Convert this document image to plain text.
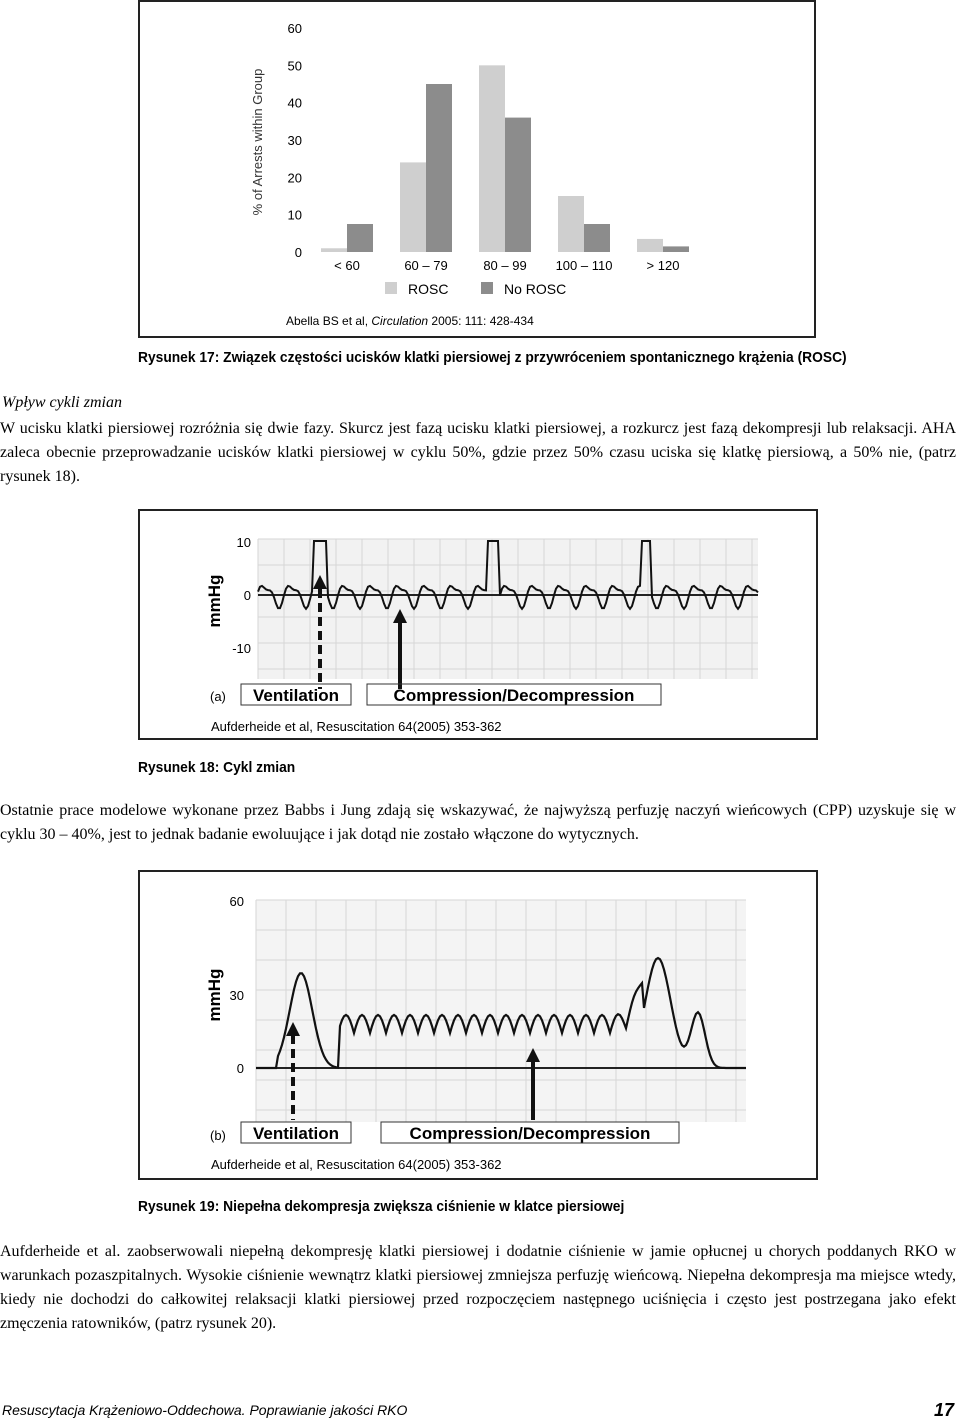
0
10
20
30
40
50
60
< 60	60 – 79	80 – 99 100 – 110	> 120
% of Arrests within Group
ROSC	No ROSC
Abella BS et al, Circulation 2005: 111: 428-434
Rysunek 17: Związek częstości ucisków klatki piersiowej z przywróceniem spontanicznego krążenia (ROSC)
Wpływ cykli zmian

W ucisku klatki piersiowej rozróżnia się dwie fazy. Skurcz jest fazą ucisku klatki piersiowej, a rozkurcz jest fazą dekompresji lub relaksacji. AHA zaleca obecnie przeprowadzanie ucisków klatki piersiowej w cyklu 50%, gdzie przez 50% czasu uciska się klatkę piersiową, a 50% nie, (patrz rysunek 18).

mmHg
10
0
-10
(a) Ventilation	Compression/Decompression
Aufderheide et al, Resuscitation 64(2005) 353-362
Rysunek 18: Cykl zmian

Ostatnie prace modelowe wykonane przez Babbs i Jung zdają się wskazywać, że najwyższą perfuzję naczyń wieńcowych (CPP) uzyskuje się w cyklu 30 – 40%, jest to jednak badanie ewoluujące i jak dotąd nie zostało włączone do wytycznych.

mmHg
60
30
0
(b) Ventilation	Compression/Decompression
Aufderheide et al, Resuscitation 64(2005) 353-362
Rysunek 19: Niepełna dekompresja zwiększa ciśnienie w klatce piersiowej

Aufderheide et al. zaobserwowali niepełną dekompresję klatki piersiowej i dodatnie ciśnienie w jamie opłucnej u chorych poddanych RKO w warunkach pozaszpitalnych. Wysokie ciśnienie wewnątrz klatki piersiowej zmniejsza perfuzję wieńcową. Niepełna dekompresja ma miejsce wtedy, kiedy nie dochodzi do całkowitej relaksacji klatki piersiowej przed rozpoczęciem następnego uciśnięcia i często jest postrzegana jako efekt zmęczenia ratowników, (patrz rysunek 20).

Resuscytacja Krążeniowo-Oddechowa. Poprawianie jakości RKO	17
